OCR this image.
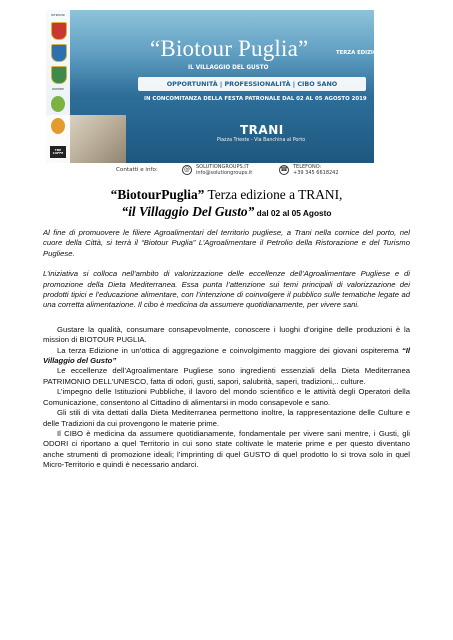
PATROCINI
PARTNER
TRE CAFFE
“Biotour Puglia”	TERZA EDIZIONE
IL VILLAGGIO DEL GUSTO
OPPORTUNITÀ | PROFESSIONALITÀ | CIBO SANO
IN CONCOMITANZA DELLA FESTA PATRONALE DAL 02 AL 05 AGOSTO 2019
TRANI
Piazza Trieste - Via Banchina al Porto
Contatti e info:	@	SOLUTIONGROUPS.IT
info@solutiongroups.it	☎ TELEFONO:
+39 345 6618242
“BiotourPuglia” Terza edizione a TRANI,
“il Villaggio Del Gusto” dal 02 al 05 Agosto

Al fine di promuovere le filiere Agroalimentari del territorio pugliese, a Trani nella cornice del porto, nel cuore della Città, si terrà il “Biotour Puglia” L’Agroalimentare il Petrolio della Ristorazione e del Turismo Pugliese.

L’iniziativa si colloca nell’ambito di valorizzazione delle eccellenze dell’Agroalimentare Pugliese e di promozione della Dieta Mediterranea. Essa punta l’attenzione sui temi principali di valorizzazione dei prodotti tipici e l’educazione alimentare, con l’intenzione di coinvolgere il pubblico sulle tematiche legate ad una corretta alimentazione. Il cibo è medicina da assumere quotidianamente, per vivere sani.

Gustare la qualità, consumare consapevolmente, conoscere i luoghi d’origine delle produzioni è la mission di BIOTOUR PUGLIA.

La terza Edizione in un’ottica di aggregazione e coinvolgimento maggiore dei giovani ospiterema “Il Villaggio del Gusto”

Le eccellenze dell’Agroalimentare Pugliese sono ingredienti essenziali della Dieta Mediterranea PATRIMONIO DELL’UNESCO, fatta di odori, gusti, sapori, salubrità, saperi, tradizioni,.. culture.

L’impegno delle Istituzioni Pubbliche, il lavoro del mondo scientifico e le attività degli Operatori della Comunicazione, consentono al Cittadino di alimentarsi in modo consapevole e sano.

Gli stili di vita dettati dalla Dieta Mediterranea permettono inoltre, la rappresentazione delle Culture e delle Tradizioni da cui provengono le materie prime.

Il CIBO è medicina da assumere quotidianamente, fondamentale per vivere sani mentre, i Gusti, gli ODORI ci riportano a quel Territorio in cui sono state coltivate le materie prime e per questo diventano anche strumenti di promozione ideali; l’imprinting di quel GUSTO di quel prodotto lo si trova solo in quel Micro-Territorio e quindi è necessario andarci.
